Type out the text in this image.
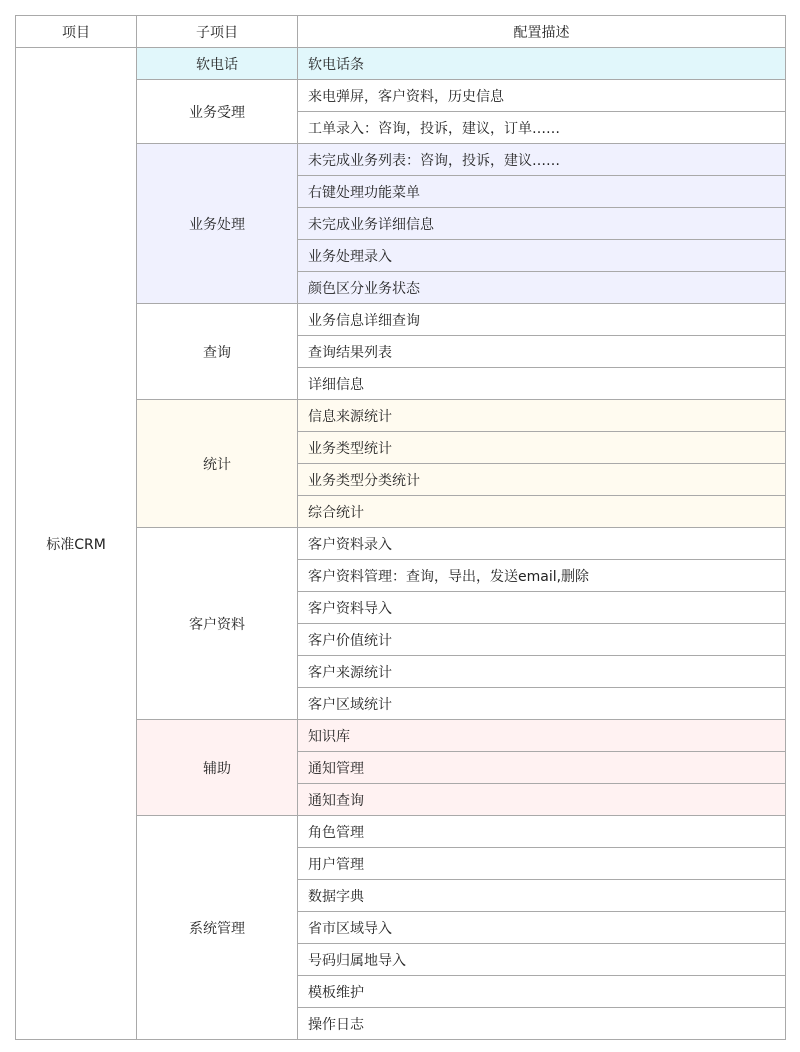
项目	子项目	配置描述
标准CRM	软电话	软电话条
	业务受理	来电弹屏，客户资料，历史信息
		工单录入：咨询，投诉，建议，订单……
	业务处理	未完成业务列表：咨询，投诉，建议……
		右键处理功能菜单
		未完成业务详细信息
		业务处理录入
		颜色区分业务状态
	查询	业务信息详细查询
		查询结果列表
		详细信息
	统计	信息来源统计
		业务类型统计
		业务类型分类统计
		综合统计
	客户资料	客户资料录入
		客户资料管理：查询，导出，发送email,删除
		客户资料导入
		客户价值统计
		客户来源统计
		客户区域统计
	辅助	知识库
		通知管理
		通知查询
	系统管理	角色管理
		用户管理
		数据字典
		省市区域导入
		号码归属地导入
		模板维护
		操作日志
